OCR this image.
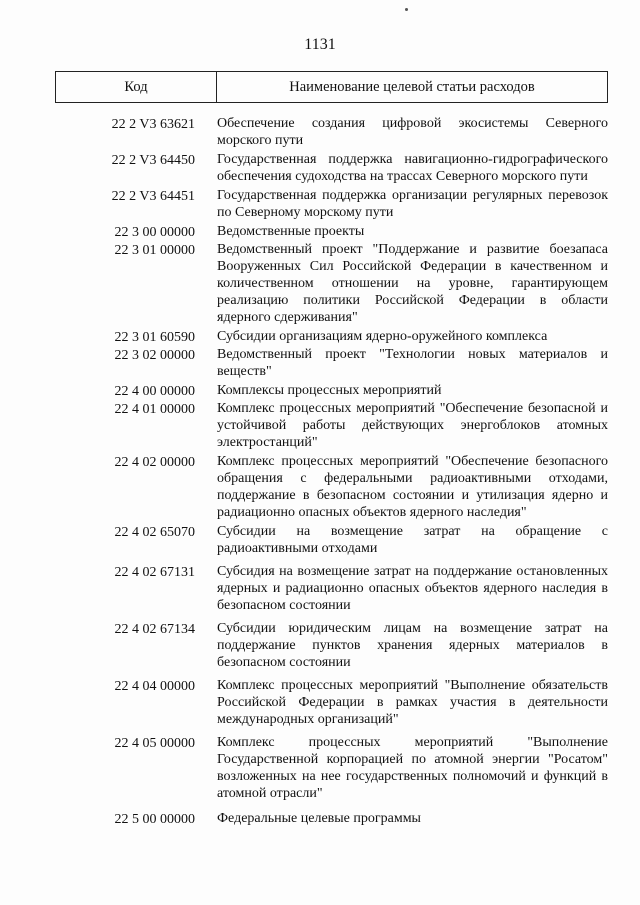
1131
Код	Наименование целевой статьи расходов
22 2 V3 63621	Обеспечение создания цифровой экосистемы Северного морского пути
22 2 V3 64450	Государственная поддержка навигационно-гидрографического обеспечения судоходства на трассах Северного морского пути
22 2 V3 64451	Государственная поддержка организации регулярных перевозок по Северному морскому пути
22 3 00 00000	Ведомственные проекты
22 3 01 00000	Ведомственный проект "Поддержание и развитие боезапаса Вооруженных Сил Российской Федерации в качественном и количественном отношении на уровне, гарантирующем реализацию политики Российской Федерации в области ядерного сдерживания"
22 3 01 60590	Субсидии организациям ядерно-оружейного комплекса
22 3 02 00000	Ведомственный проект "Технологии новых материалов и веществ"
22 4 00 00000	Комплексы процессных мероприятий
22 4 01 00000	Комплекс процессных мероприятий "Обеспечение безопасной и устойчивой работы действующих энергоблоков атомных электростанций"
22 4 02 00000	Комплекс процессных мероприятий "Обеспечение безопасного обращения с федеральными радиоактивными отходами, поддержание в безопасном состоянии и утилизация ядерно и радиационно опасных объектов ядерного наследия"
22 4 02 65070	Субсидии на возмещение затрат на обращение с радиоактивными отходами
22 4 02 67131	Субсидия на возмещение затрат на поддержание остановленных ядерных и радиационно опасных объектов ядерного наследия в безопасном состоянии
22 4 02 67134	Субсидии юридическим лицам на возмещение затрат на поддержание пунктов хранения ядерных материалов в безопасном состоянии
22 4 04 00000	Комплекс процессных мероприятий "Выполнение обязательств Российской Федерации в рамках участия в деятельности международных организаций"
22 4 05 00000	Комплекс процессных мероприятий "Выполнение Государственной корпорацией по атомной энергии "Росатом" возложенных на нее государственных полномочий и функций в атомной отрасли"
22 5 00 00000	Федеральные целевые программы
